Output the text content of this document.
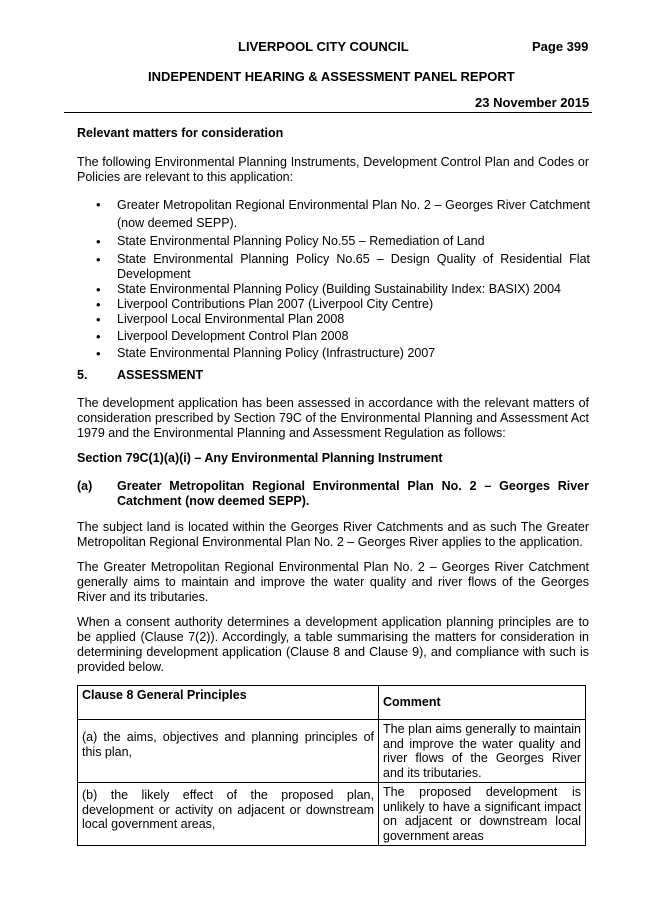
LIVERPOOL CITY COUNCIL	Page 399
INDEPENDENT HEARING & ASSESSMENT PANEL REPORT
23 November 2015
Relevant matters for consideration
The following Environmental Planning Instruments, Development Control Plan and Codes or Policies are relevant to this application:
• Greater Metropolitan Regional Environmental Plan No. 2 – Georges River Catchment (now deemed SEPP).
• State Environmental Planning Policy No.55 – Remediation of Land
• State Environmental Planning Policy No.65 – Design Quality of Residential Flat Development
• State Environmental Planning Policy (Building Sustainability Index: BASIX) 2004
• Liverpool Contributions Plan 2007 (Liverpool City Centre)
• Liverpool Local Environmental Plan 2008
• Liverpool Development Control Plan 2008
• State Environmental Planning Policy (Infrastructure) 2007
5. ASSESSMENT
The development application has been assessed in accordance with the relevant matters of consideration prescribed by Section 79C of the Environmental Planning and Assessment Act 1979 and the Environmental Planning and Assessment Regulation as follows:
Section 79C(1)(a)(i) – Any Environmental Planning Instrument
(a) Greater Metropolitan Regional Environmental Plan No. 2 – Georges River Catchment (now deemed SEPP).
The subject land is located within the Georges River Catchments and as such The Greater Metropolitan Regional Environmental Plan No. 2 – Georges River applies to the application.
The Greater Metropolitan Regional Environmental Plan No. 2 – Georges River Catchment generally aims to maintain and improve the water quality and river flows of the Georges River and its tributaries.
When a consent authority determines a development application planning principles are to be applied (Clause 7(2)). Accordingly, a table summarising the matters for consideration in determining development application (Clause 8 and Clause 9), and compliance with such is provided below.
Clause 8 General Principles	Comment
(a) the aims, objectives and planning principles of this plan,	The plan aims generally to maintain and improve the water quality and river flows of the Georges River and its tributaries.
(b) the likely effect of the proposed plan, development or activity on adjacent or downstream local government areas,	The proposed development is unlikely to have a significant impact on adjacent or downstream local government areas
